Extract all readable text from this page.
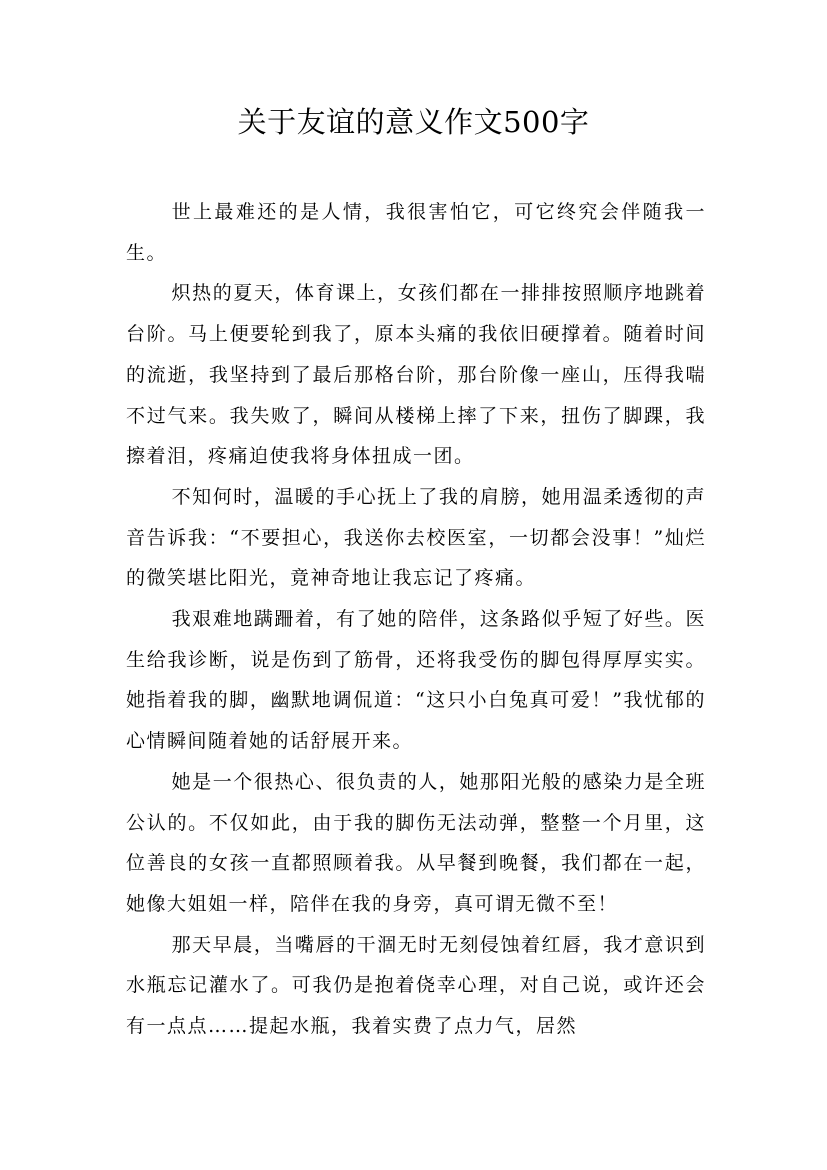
关于友谊的意义作文500字

世上最难还的是人情，我很害怕它，可它终究会伴随我一生。

炽热的夏天，体育课上，女孩们都在一排排按照顺序地跳着台阶。马上便要轮到我了，原本头痛的我依旧硬撑着。随着时间的流逝，我坚持到了最后那格台阶，那台阶像一座山，压得我喘不过气来。我失败了，瞬间从楼梯上摔了下来，扭伤了脚踝，我擦着泪，疼痛迫使我将身体扭成一团。

不知何时，温暖的手心抚上了我的肩膀，她用温柔透彻的声音告诉我：“不要担心，我送你去校医室，一切都会没事！”灿烂的微笑堪比阳光，竟神奇地让我忘记了疼痛。

我艰难地蹒跚着，有了她的陪伴，这条路似乎短了好些。医生给我诊断，说是伤到了筋骨，还将我受伤的脚包得厚厚实实。她指着我的脚，幽默地调侃道：“这只小白兔真可爱！”我忧郁的心情瞬间随着她的话舒展开来。

她是一个很热心、很负责的人，她那阳光般的感染力是全班公认的。不仅如此，由于我的脚伤无法动弹，整整一个月里，这位善良的女孩一直都照顾着我。从早餐到晚餐，我们都在一起，她像大姐姐一样，陪伴在我的身旁，真可谓无微不至！

那天早晨，当嘴唇的干涸无时无刻侵蚀着红唇，我才意识到水瓶忘记灌水了。可我仍是抱着侥幸心理，对自己说，或许还会有一点点……提起水瓶，我着实费了点力气，居然
